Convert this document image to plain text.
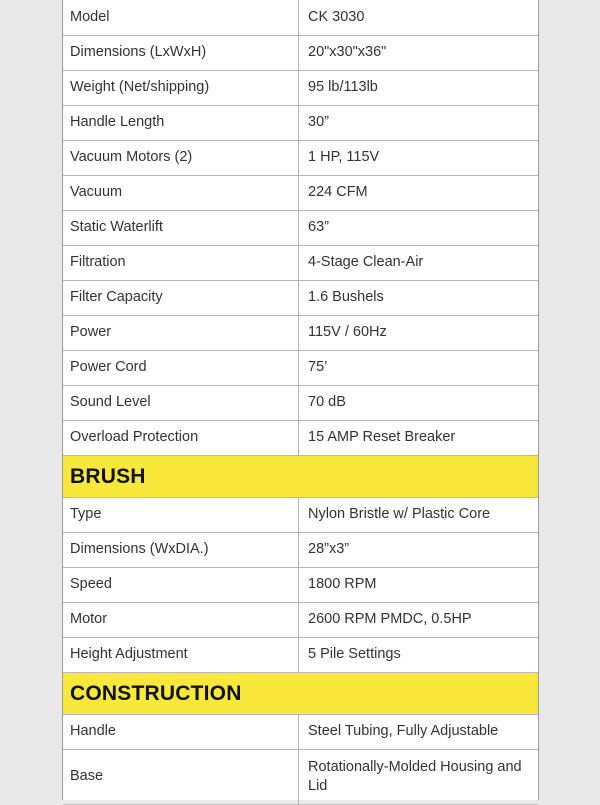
Model	CK 3030
Dimensions (LxWxH)	20"x30"x36"
Weight (Net/shipping)	95 lb/113lb
Handle Length	30”
Vacuum Motors (2)	1 HP, 115V
Vacuum	224 CFM
Static Waterlift	63”
Filtration	4-Stage Clean-Air
Filter Capacity	1.6 Bushels
Power	115V / 60Hz
Power Cord	75’
Sound Level	70 dB
Overload Protection	15 AMP Reset Breaker
BRUSH	
Type	Nylon Bristle w/ Plastic Core
Dimensions (WxDIA.)	28”x3”
Speed	1800 RPM
Motor	2600 RPM PMDC, 0.5HP
Height Adjustment	5 Pile Settings
CONSTRUCTION	
Handle	Steel Tubing, Fully Adjustable
Base	Rotationally-Molded Housing and Lid
